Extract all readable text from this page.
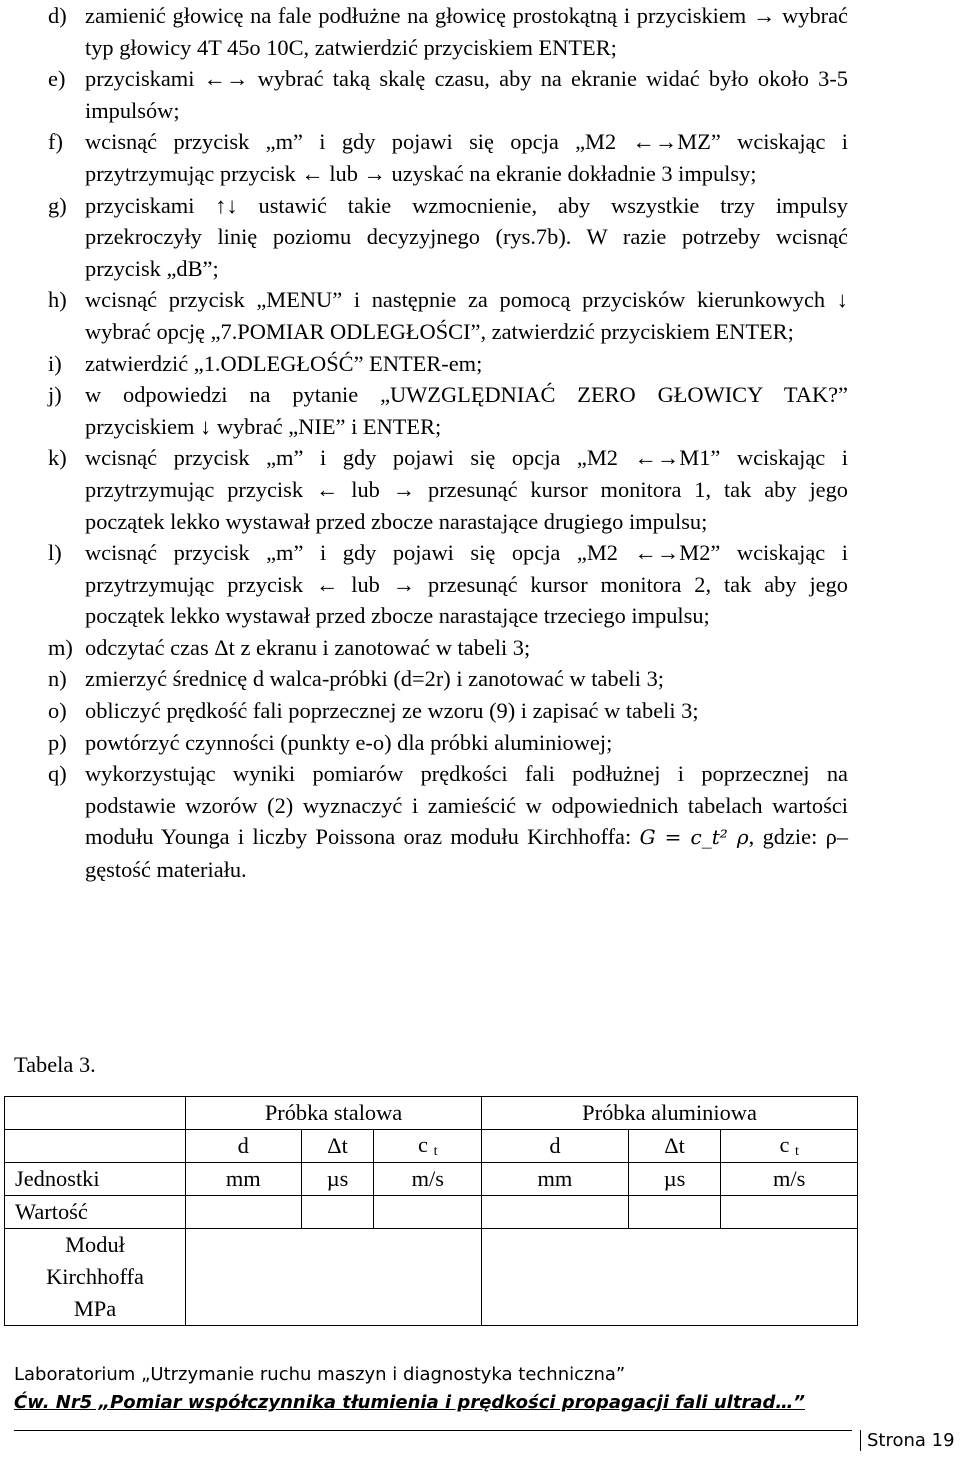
d) zamienić głowicę na fale podłużne na głowicę prostokątną i przyciskiem → wybrać typ głowicy 4T 45o 10C, zatwierdzić przyciskiem ENTER;
e) przyciskami ←→ wybrać taką skalę czasu, aby na ekranie widać było około 3-5 impulsów;
f) wcisnąć przycisk „m” i gdy pojawi się opcja „M2 ←→MZ” wciskając i przytrzymując przycisk ← lub → uzyskać na ekranie dokładnie 3 impulsy;
g) przyciskami ↑↓ ustawić takie wzmocnienie, aby wszystkie trzy impulsy przekroczyły linię poziomu decyzyjnego (rys.7b). W razie potrzeby wcisnąć przycisk „dB”;
h) wcisnąć przycisk „MENU” i następnie za pomocą przycisków kierunkowych ↓ wybrać opcję „7.POMIAR ODLEGŁOŚCI”, zatwierdzić przyciskiem ENTER;
i)	zatwierdzić „1.ODLEGŁOŚĆ” ENTER-em;
j)	w odpowiedzi na pytanie „UWZGLĘDNIAĆ ZERO GŁOWICY TAK?” przyciskiem ↓ wybrać „NIE” i ENTER;
k) wcisnąć przycisk „m” i gdy pojawi się opcja „M2 ←→M1” wciskając i przytrzymując przycisk ← lub → przesunąć kursor monitora 1, tak aby jego początek lekko wystawał przed zbocze narastające drugiego impulsu;
l)	wcisnąć przycisk „m” i gdy pojawi się opcja „M2 ←→M2” wciskając i przytrzymując przycisk ← lub → przesunąć kursor monitora 2, tak aby jego początek lekko wystawał przed zbocze narastające trzeciego impulsu;
m) odczytać czas Δt z ekranu i zanotować w tabeli 3;
n) zmierzyć średnicę d walca-próbki (d=2r) i zanotować w tabeli 3;
o) obliczyć prędkość fali poprzecznej ze wzoru (9) i zapisać w tabeli 3;
p) powtórzyć czynności (punkty e-o) dla próbki aluminiowej;
q) wykorzystując wyniki pomiarów prędkości fali podłużnej i poprzecznej na podstawie wzorów (2) wyznaczyć i zamieścić w odpowiednich tabelach wartości modułu Younga i liczby Poissona oraz modułu Kirchhoffa: G = c_t² ρ, gdzie: ρ– gęstość materiału.
Tabela 3.
	Próbka stalowa			Próbka aluminiowa		
	d	Δt	c $_t$	d	Δt	c $_t$
Jednostki	mm	µs	m/s	mm	µs	m/s
Wartość						
Moduł Kirchhoffa MPa						
Laboratorium „Utrzymanie ruchu maszyn i diagnostyka techniczna”
Ćw. Nr5 „Pomiar współczynnika tłumienia i prędkości propagacji fali ultrad…”
Strona 19
